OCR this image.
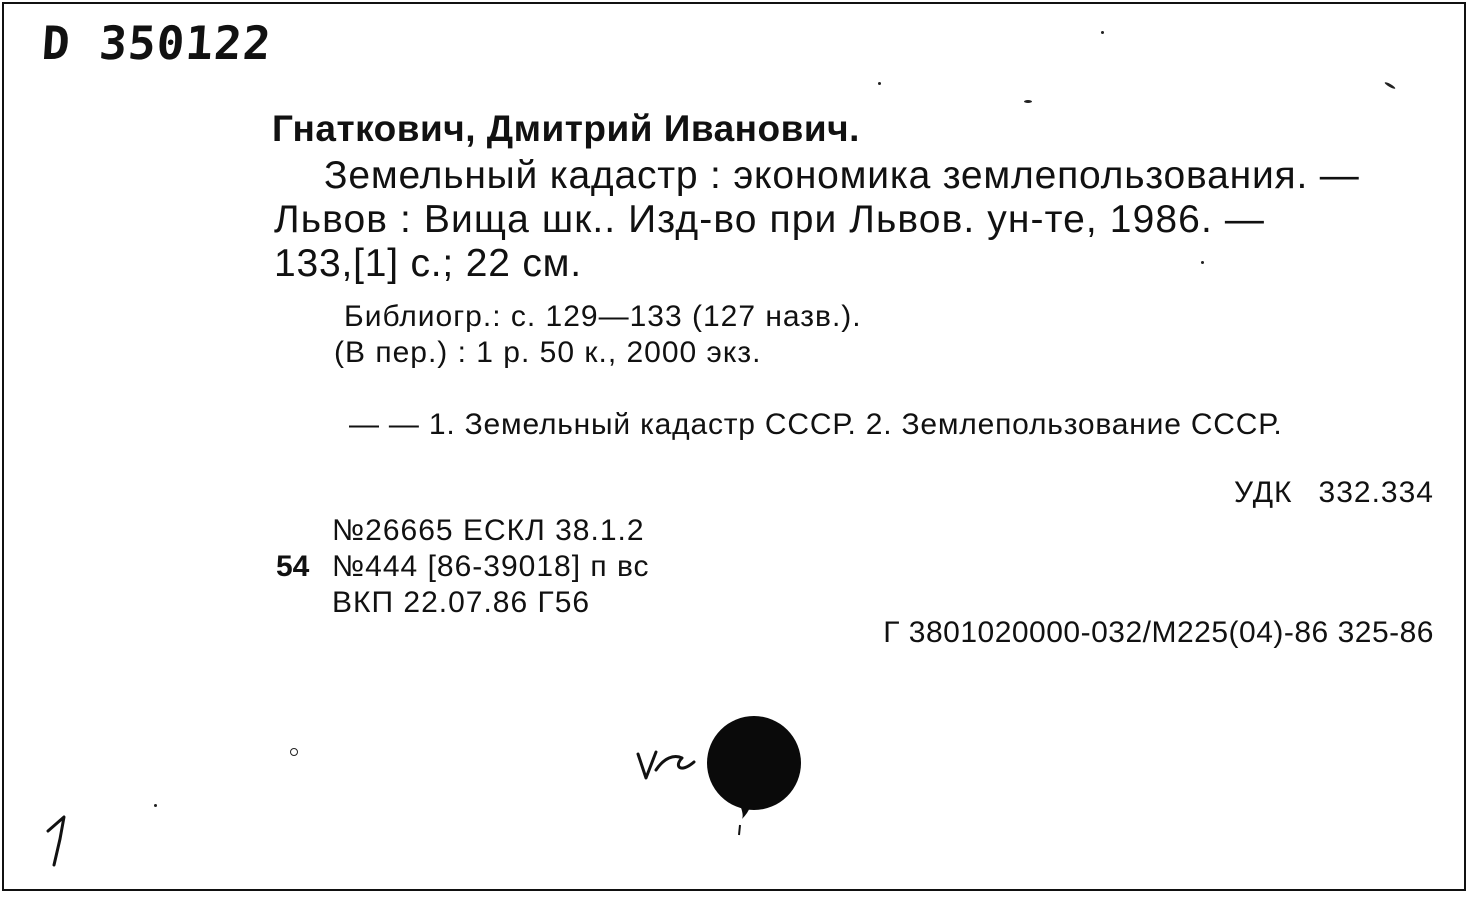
D 350122
Гнаткович, Дмитрий Иванович.
Земельный кадастр : экономика землепользования. —
Львов : Вища шк.. Изд-во при Львов. ун-те, 1986. —
133,[1] с.; 22 см.
Библиогр.: с. 129—133 (127 назв.).
(В пер.) : 1 р. 50 к., 2000 экз.
— — 1. Земельный кадастр СССР. 2. Землепользование СССР.
УДК 332.334
54
№26665 ЕСКЛ 38.1.2
№444 [86-39018] п вс
ВКП 22.07.86 Г56
Г 3801020000-032/М225(04)-86 325-86
